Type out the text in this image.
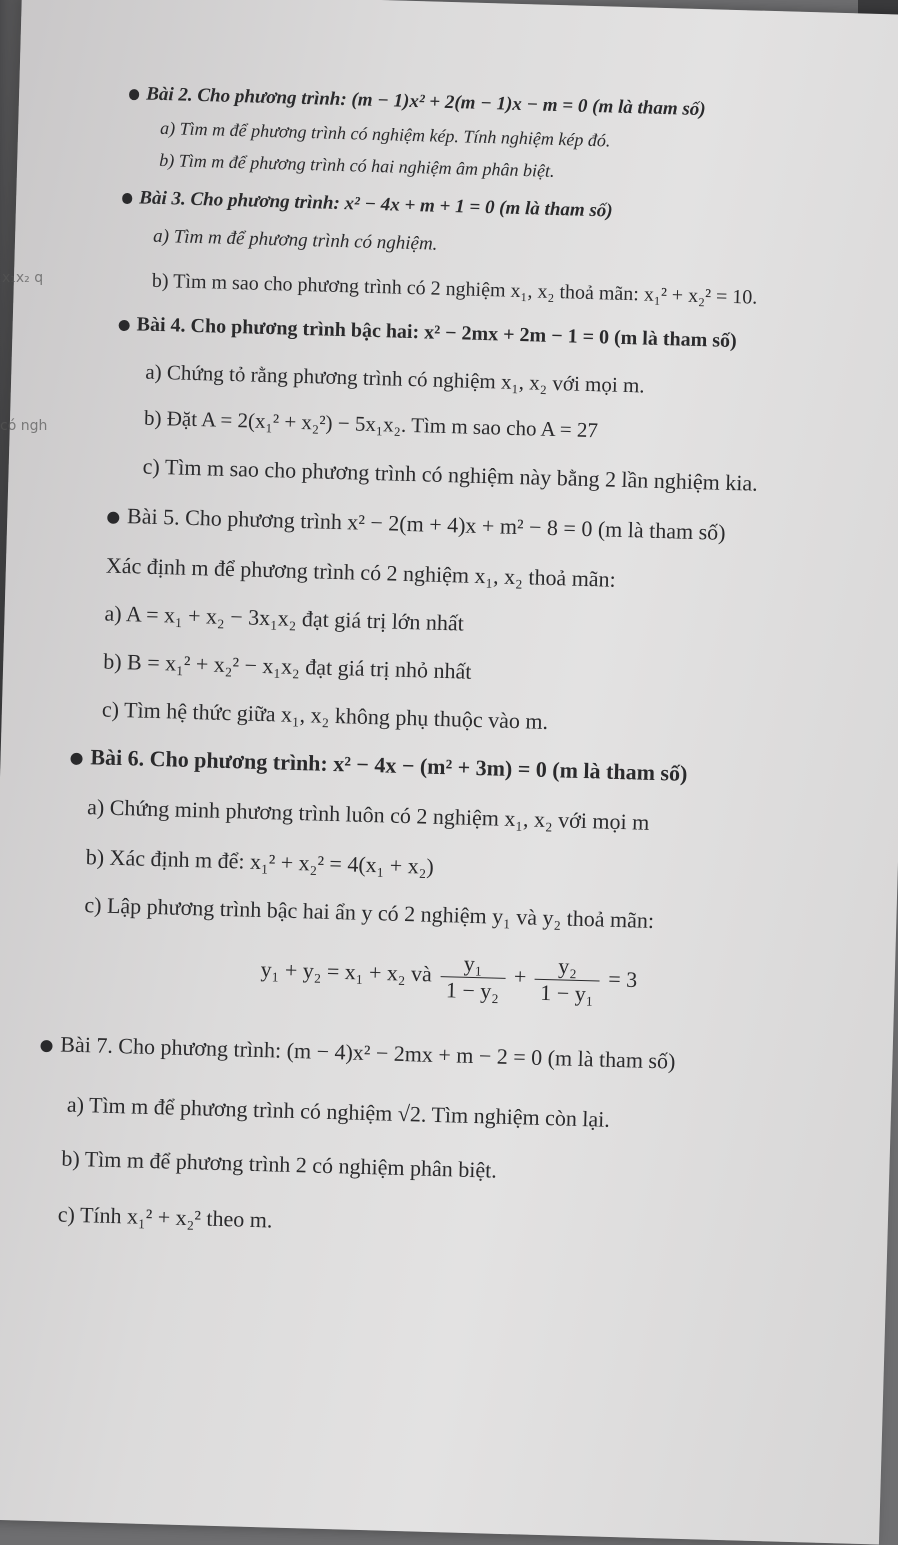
Bài 2. Cho phương trình: (m − 1)x² + 2(m − 1)x − m = 0 (m là tham số)
a) Tìm m để phương trình có nghiệm kép. Tính nghiệm kép đó.
b) Tìm m để phương trình có hai nghiệm âm phân biệt.
Bài 3. Cho phương trình: x² − 4x + m + 1 = 0 (m là tham số)
a) Tìm m để phương trình có nghiệm.
b) Tìm m sao cho phương trình có 2 nghiệm x₁, x₂ thoả mãn: x₁² + x₂² = 10.
Bài 4. Cho phương trình bậc hai: x² − 2mx + 2m − 1 = 0 (m là tham số)
a) Chứng tỏ rằng phương trình có nghiệm x₁, x₂ với mọi m.
b) Đặt A = 2(x₁² + x₂²) − 5x₁x₂. Tìm m sao cho A = 27
c) Tìm m sao cho phương trình có nghiệm này bằng 2 lần nghiệm kia.
Bài 5. Cho phương trình x² − 2(m + 4)x + m² − 8 = 0 (m là tham số)
Xác định m để phương trình có 2 nghiệm x₁, x₂ thoả mãn:
a) A = x₁ + x₂ − 3x₁x₂ đạt giá trị lớn nhất
b) B = x₁² + x₂² − x₁x₂ đạt giá trị nhỏ nhất
c) Tìm hệ thức giữa x₁, x₂ không phụ thuộc vào m.
Bài 6. Cho phương trình: x² − 4x − (m² + 3m) = 0 (m là tham số)
a) Chứng minh phương trình luôn có 2 nghiệm x₁, x₂ với mọi m
b) Xác định m để: x₁² + x₂² = 4(x₁ + x₂)
c) Lập phương trình bậc hai ẩn y có 2 nghiệm y₁ và y₂ thoả mãn:
y₁ + y₂ = x₁ + x₂ và $\frac{\text{y₁}}{\text{1 − y₂}} + \frac{\text{y₂}}{\text{1 − y₁}} = 3$
Bài 7. Cho phương trình: (m − 4)x² − 2mx + m − 2 = 0 (m là tham số)
a) Tìm m để phương trình có nghiệm √2. Tìm nghiệm còn lại.
b) Tìm m để phương trình 2 có nghiệm phân biệt.
c) Tính x₁² + x₂² theo m.
x₁x₂ q
có ngh
